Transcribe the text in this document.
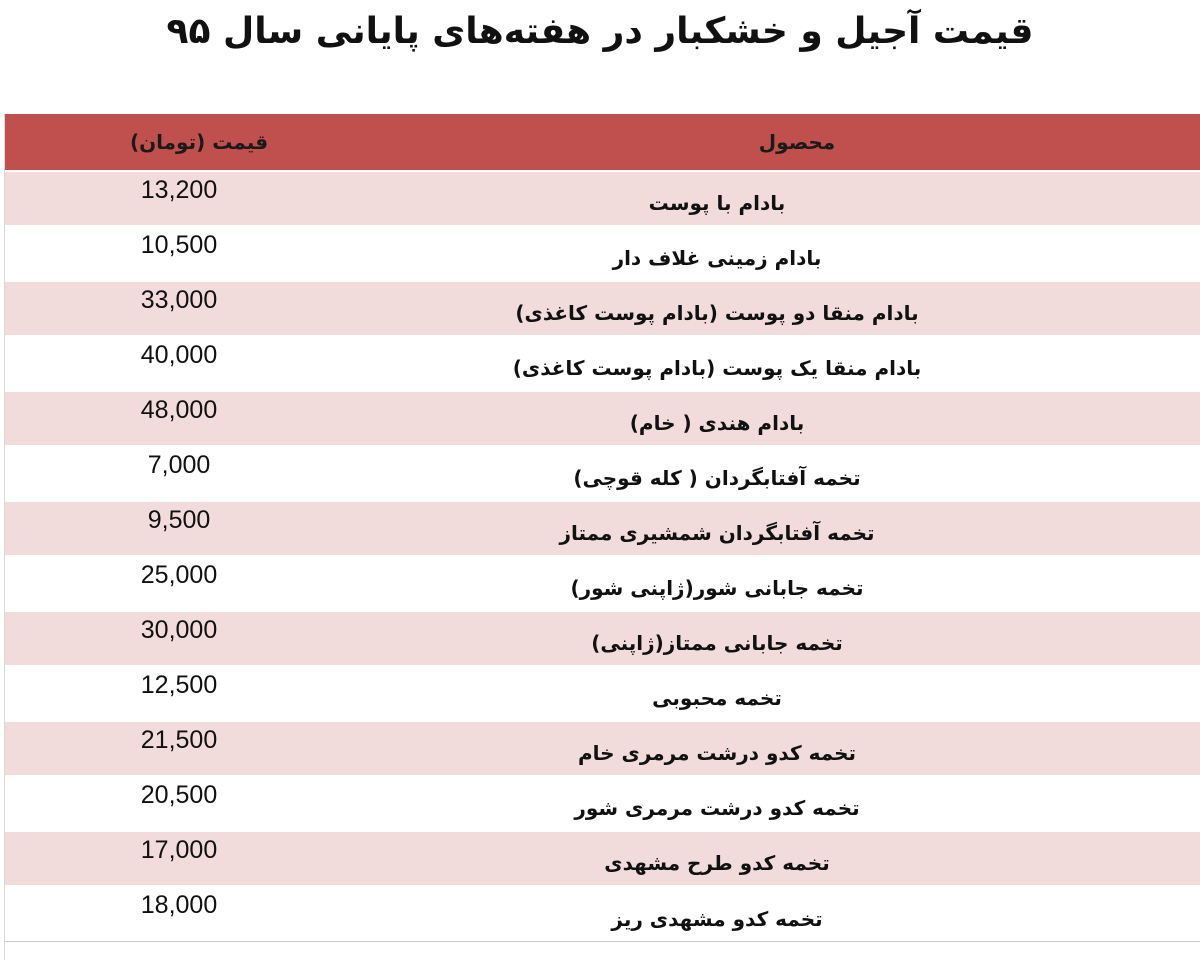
قیمت آجیل و خشکبار در هفته‌های پایانی سال ۹۵
قیمت (تومان)	محصول
13,200	بادام با پوست
10,500	بادام زمینی غلاف دار
33,000	بادام منقا دو پوست (بادام پوست کاغذی)
40,000	بادام منقا یک پوست (بادام پوست کاغذی)
48,000	بادام هندی ( خام)
7,000	تخمه آفتابگردان ( کله قوچی)
9,500	تخمه آفتابگردان شمشیری ممتاز
25,000	تخمه جابانی شور(ژاپنی شور)
30,000	تخمه جابانی ممتاز(ژاپنی)
12,500	تخمه محبوبی
21,500	تخمه کدو درشت مرمری خام
20,500	تخمه کدو درشت مرمری شور
17,000	تخمه کدو طرح مشهدی
18,000	تخمه کدو مشهدی ریز
